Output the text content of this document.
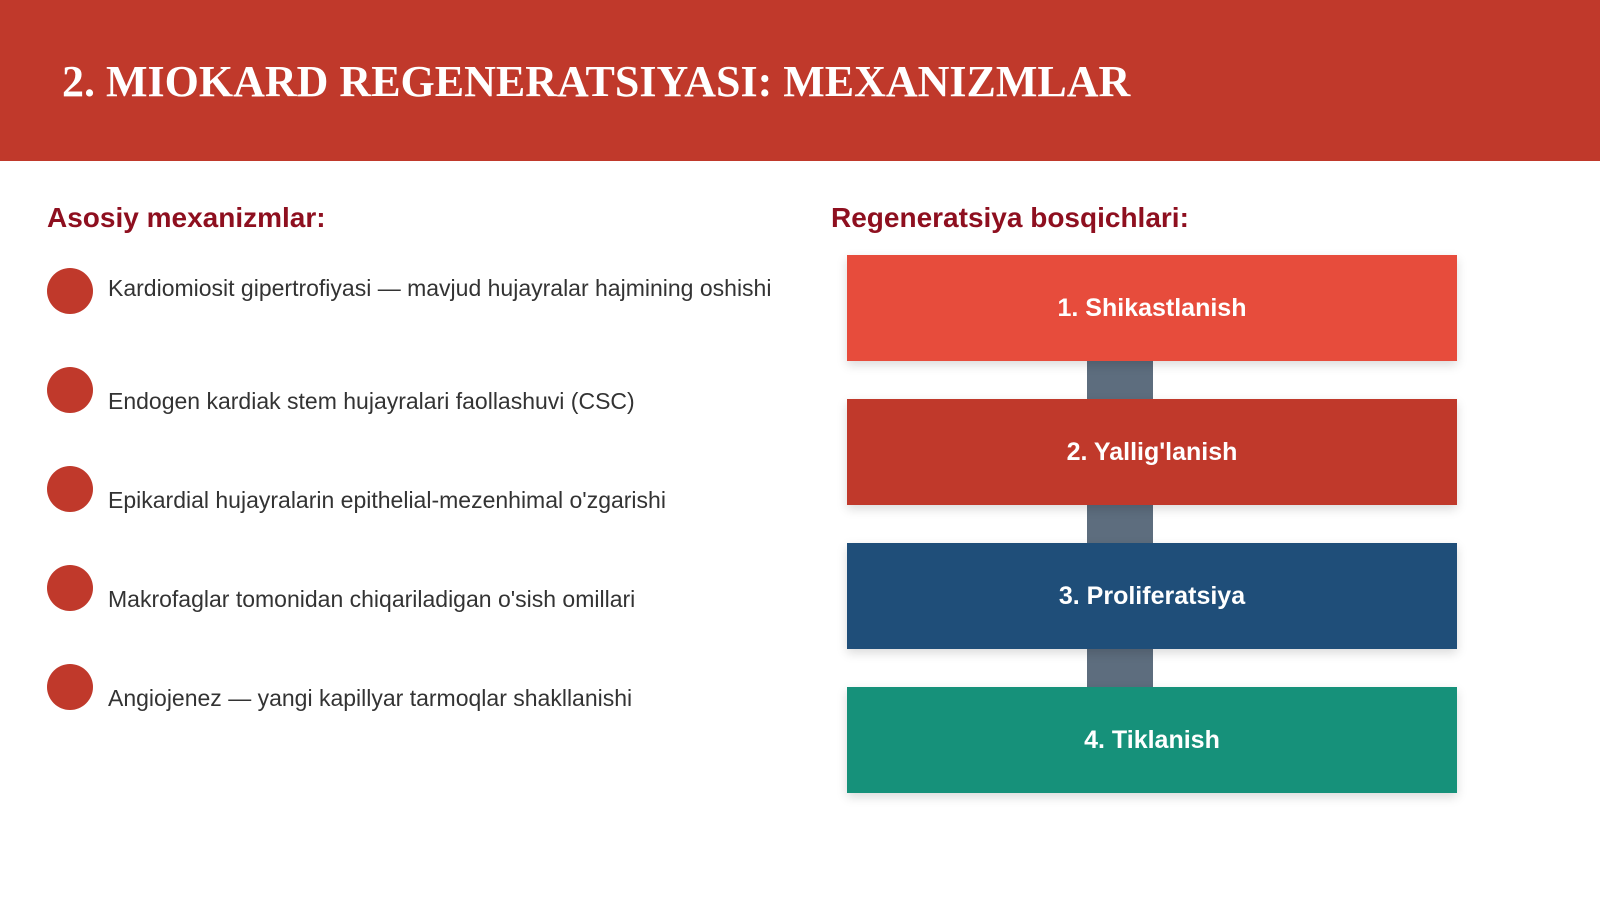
2. MIOKARD REGENERATSIYASI: MEXANIZMLAR
Asosiy mexanizmlar:
Kardiomiosit gipertrofiyasi — mavjud hujayralar hajmining oshishi
Endogen kardiak stem hujayralari faollashuvi (CSC)
Epikardial hujayralarin epithelial-mezenhimal o'zgarishi
Makrofaglar tomonidan chiqariladigan o'sish omillari
Angiojenez — yangi kapillyar tarmoqlar shakllanishi
Regeneratsiya bosqichlari:
1. Shikastlanish
2. Yallig'lanish
3. Proliferatsiya
4. Tiklanish
